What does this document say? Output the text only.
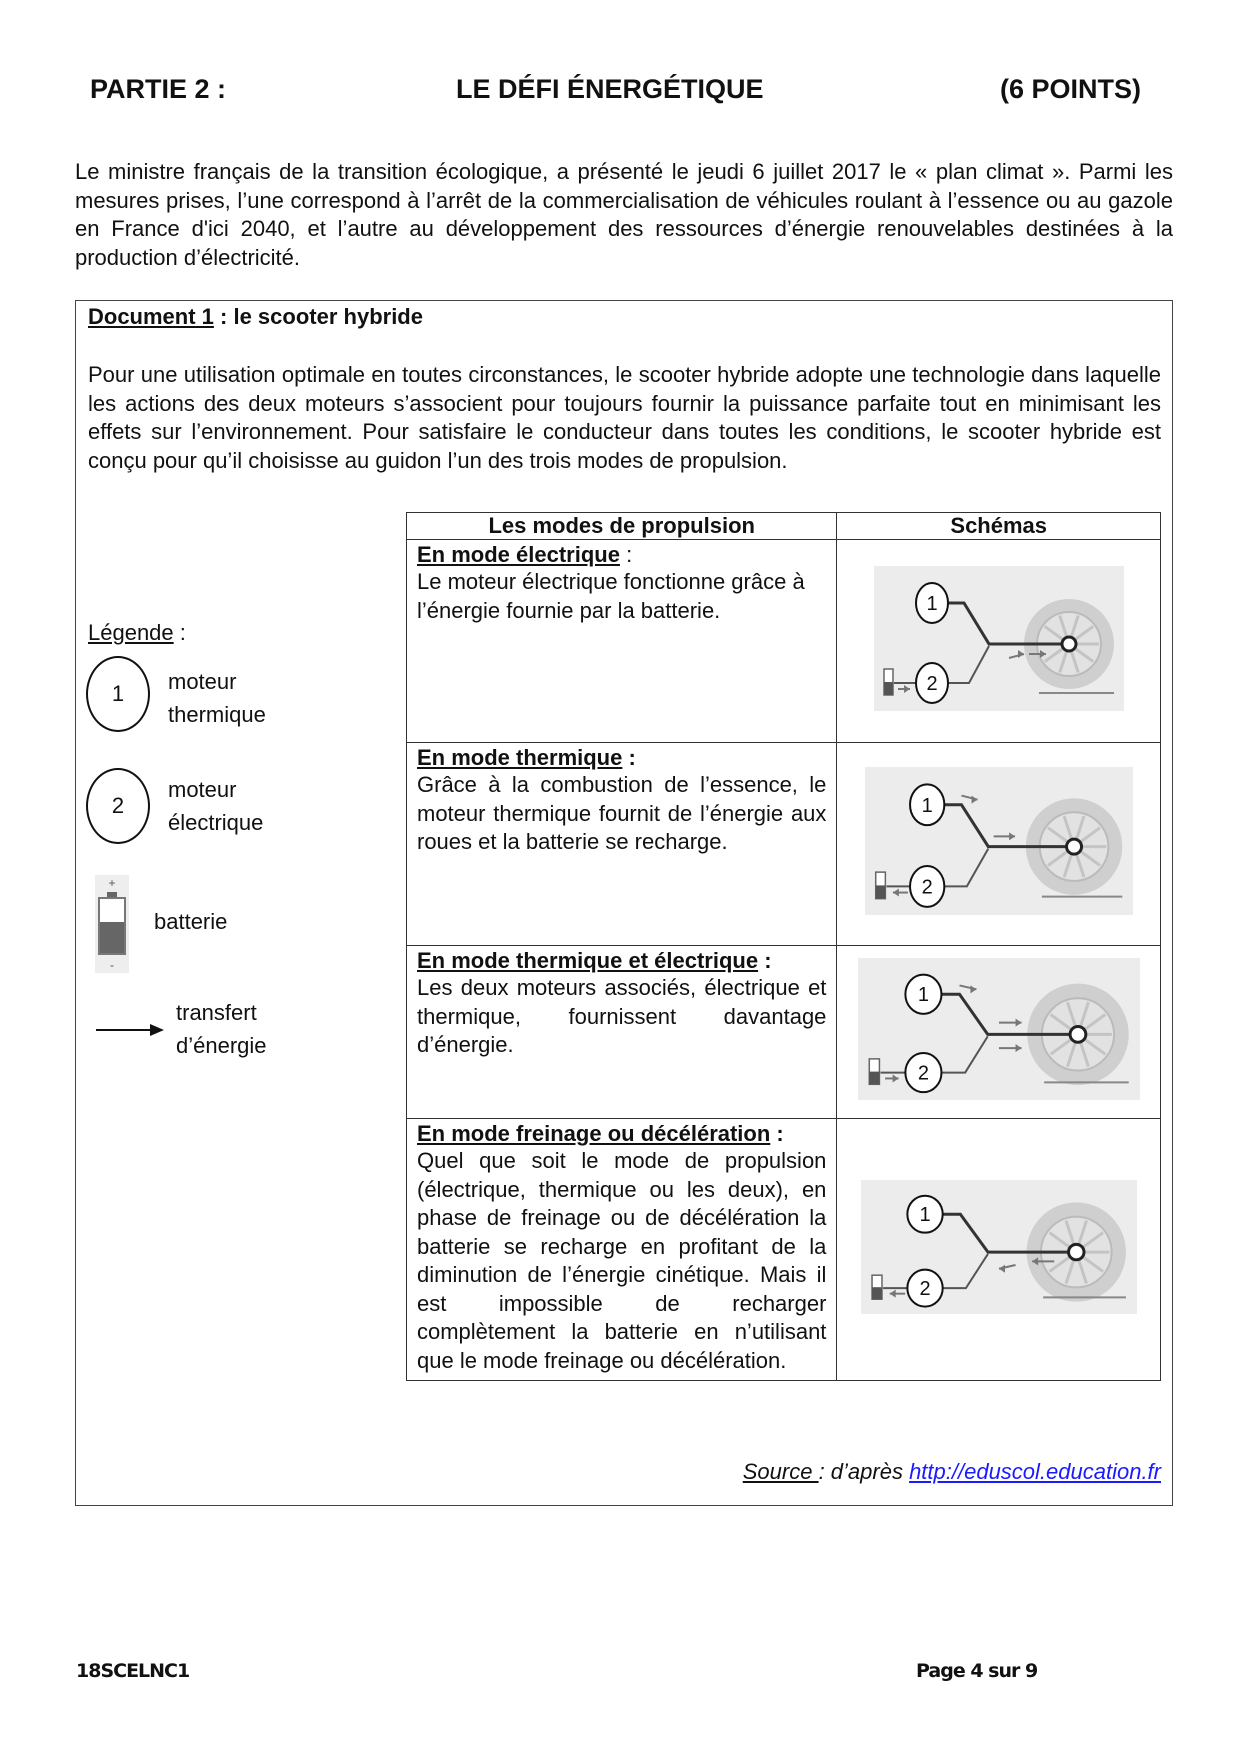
PARTIE 2 :	LE DÉFI ÉNERGÉTIQUE	(6 POINTS)
Le ministre français de la transition écologique, a présenté le jeudi 6 juillet 2017 le « plan climat ». Parmi les mesures prises, l’une correspond à l’arrêt de la commercialisation de véhicules roulant à l’essence ou au gazole en France d'ici 2040, et l’autre au développement des ressources d’énergie renouvelables destinées à la production d’électricité.
Document 1 : le scooter hybride
Pour une utilisation optimale en toutes circonstances, le scooter hybride adopte une technologie dans laquelle les actions des deux moteurs s’associent pour toujours fournir la puissance parfaite tout en minimisant les effets sur l’environnement. Pour satisfaire le conducteur dans toutes les conditions, le scooter hybride est conçu pour qu’il choisisse au guidon l’un des trois modes de propulsion.
Légende :
1 moteur
thermique
2
moteur
électrique
+
-
batterie
transfert
d’énergie
Les modes de propulsion	Schémas

En mode électrique :
Le moteur électrique fonctionne grâce à l’énergie fournie par la batterie.	1
2

En mode thermique :
Grâce à la combustion de l’essence, le moteur thermique fournit de l’énergie aux roues et la batterie se recharge.

1
2

En mode thermique et électrique :
Les deux moteurs associés, électrique et thermique, fournissent davantage d’énergie.

1
2

En mode freinage ou décélération :
Quel que soit le mode de propulsion (électrique, thermique ou les deux), en phase de freinage ou de décélération la batterie se recharge en profitant de la diminution de l’énergie cinétique. Mais il est impossible de recharger complètement la batterie en n’utilisant que le mode freinage ou décélération.

1
2
Source : d’après http://eduscol.education.fr
18SCELNC1	Page 4 sur 9
